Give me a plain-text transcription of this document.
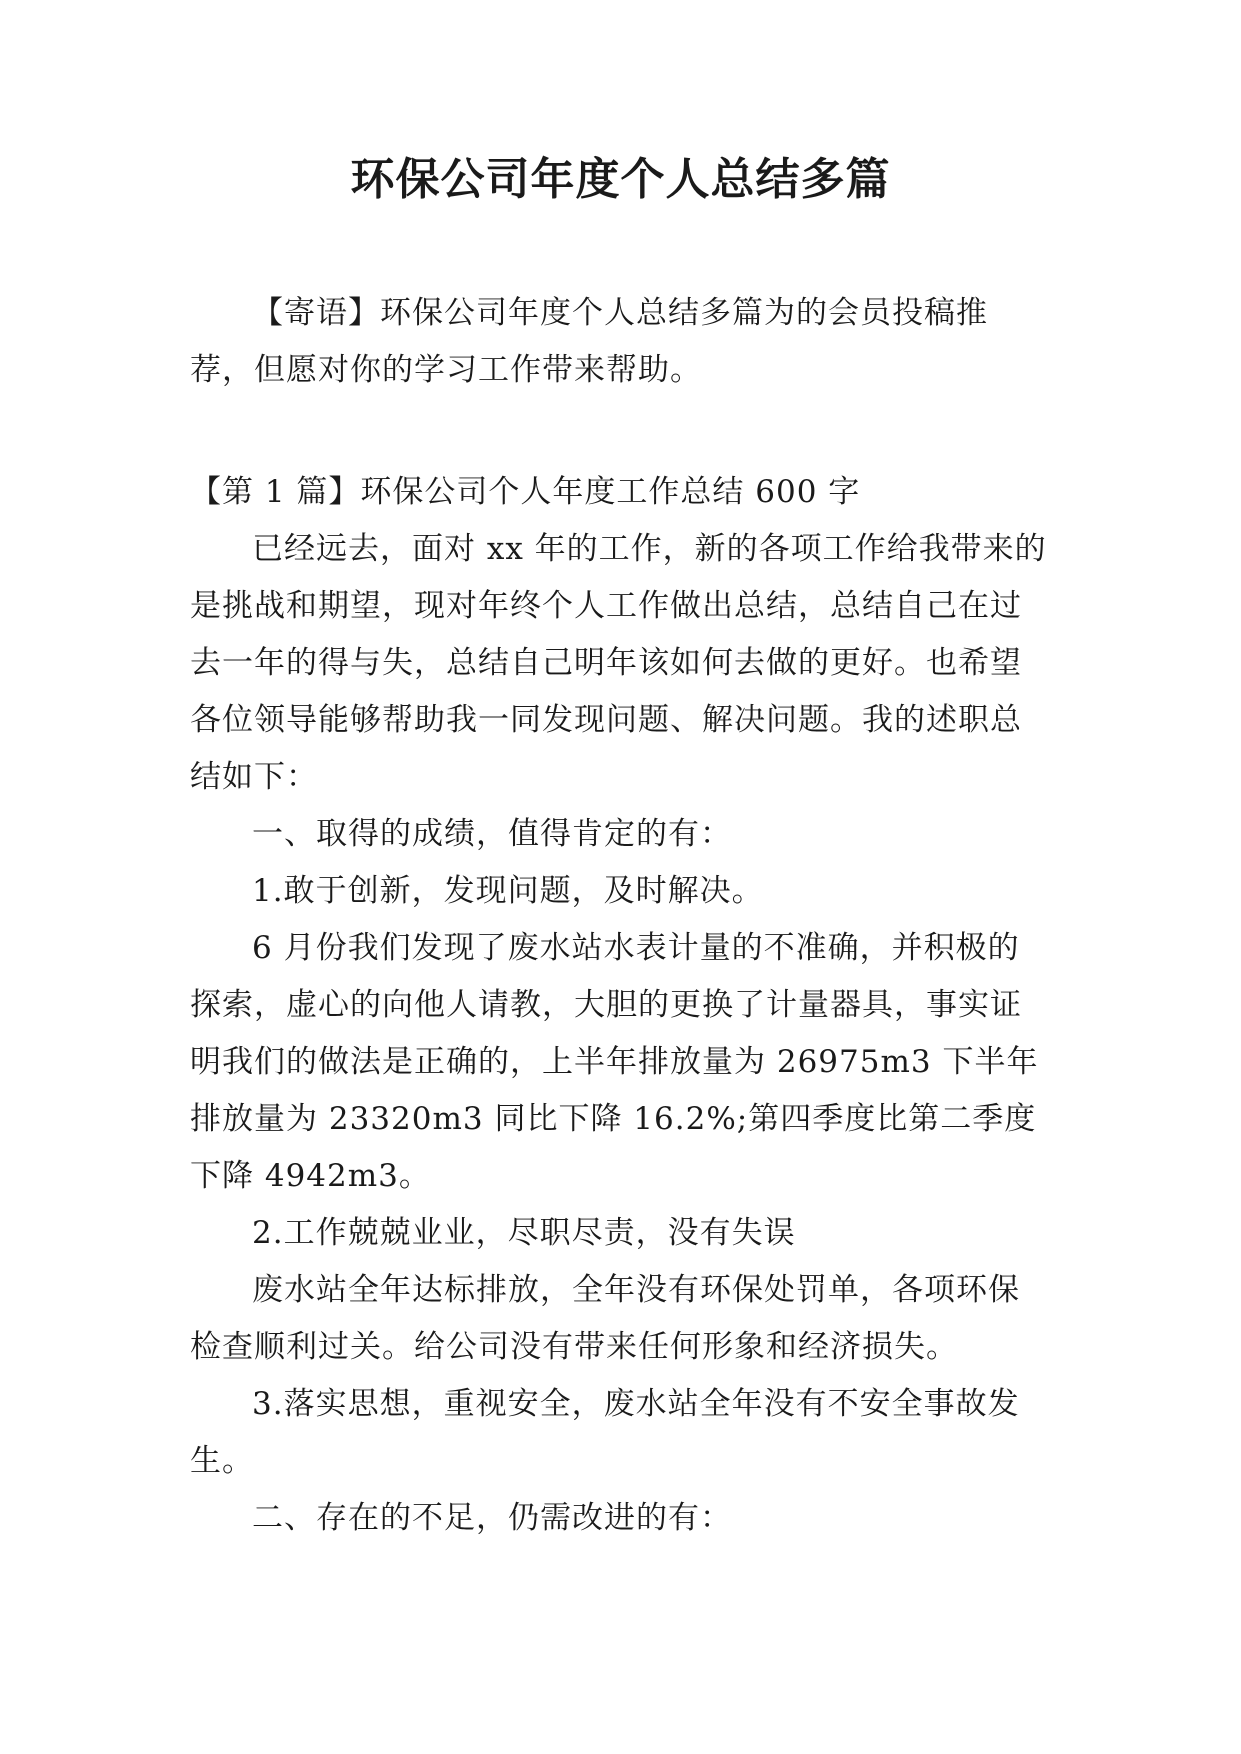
环保公司年度个人总结多篇

【寄语】环保公司年度个人总结多篇为的会员投稿推荐，但愿对你的学习工作带来帮助。

【第 1 篇】环保公司个人年度工作总结 600 字

已经远去，面对 xx 年的工作，新的各项工作给我带来的是挑战和期望，现对年终个人工作做出总结，总结自己在过去一年的得与失，总结自己明年该如何去做的更好。也希望各位领导能够帮助我一同发现问题、解决问题。我的述职总结如下：

一、取得的成绩，值得肯定的有：

1.敢于创新，发现问题，及时解决。

6 月份我们发现了废水站水表计量的不准确，并积极的探索，虚心的向他人请教，大胆的更换了计量器具，事实证明我们的做法是正确的，上半年排放量为 26975m3 下半年排放量为 23320m3 同比下降 16.2%;第四季度比第二季度下降 4942m3。

2.工作兢兢业业，尽职尽责，没有失误

废水站全年达标排放，全年没有环保处罚单，各项环保检查顺利过关。给公司没有带来任何形象和经济损失。

3.落实思想，重视安全，废水站全年没有不安全事故发生。

二、存在的不足，仍需改进的有：
